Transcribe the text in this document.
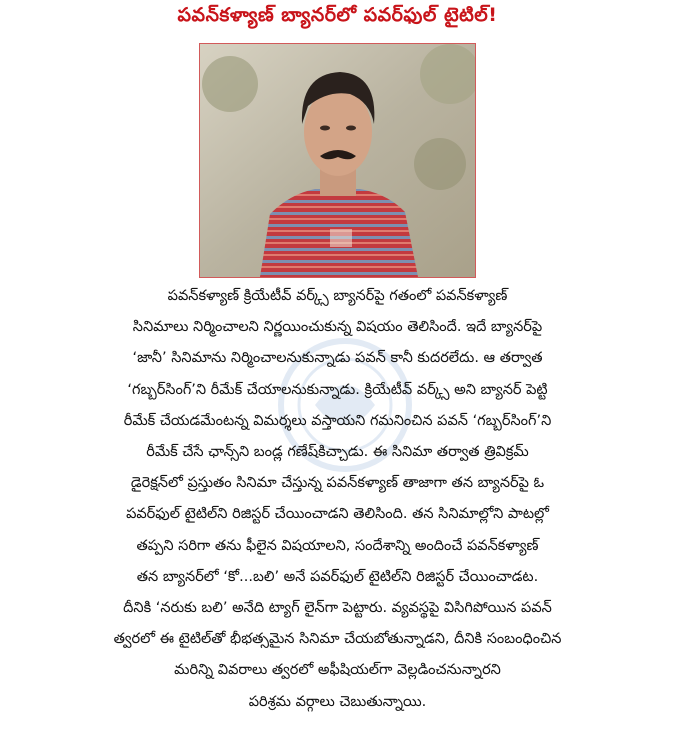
పవన్‌కళ్యాణ్ బ్యానర్‌లో పవర్‌ఫుల్ టైటిల్!
పవన్‌కళ్యాణ్ క్రియేటీవ్ వర్క్స్ బ్యానర్‌పై గతంలో పవన్‌కళ్యాణ్
సినిమాలు నిర్మించాలని నిర్ణయించుకున్న విషయం తెలిసిందే. ఇదే బ్యానర్‌పై
‘జానీ’ సినిమాను నిర్మించాలనుకున్నాడు పవన్ కానీ కుదరలేదు. ఆ తర్వాత
‘గబ్బర్‌సింగ్’ని రీమేక్ చేయాలనుకున్నాడు. క్రియేటీవ్ వర్క్స్ అని బ్యానర్ పెట్టి
రీమేక్ చేయడమేంటన్న విమర్శలు వస్తాయని గమనించిన పవన్ ‘గబ్బర్‌సింగ్’ని
రీమేక్ చేసే ఛాన్స్‌ని బండ్ల గణేష్‌కిచ్చాడు. ఈ సినిమా తర్వాత త్రివిక్రమ్
డైరెక్షన్‌లో ప్రస్తుతం సినిమా చేస్తున్న పవన్‌కళ్యాణ్ తాజాగా తన బ్యానర్‌పై ఓ
పవర్‌ఫుల్ టైటిల్‌ని రిజిస్టర్ చేయించాడని తెలిసింది. తన సినిమాల్లోని పాటల్లో
తప్పని సరిగా తను ఫీలైన విషయాలని, సందేశాన్ని అందించే పవన్‌కళ్యాణ్
తన బ్యానర్‌లో ‘కో...బలి’ అనే పవర్‌ఫుల్ టైటిల్‌ని రిజిస్టర్ చేయించాడట.
దీనికి ‘నరుకు బలి’ అనేది ట్యాగ్ లైన్‌గా పెట్టారు. వ్యవస్థపై విసిగిపోయిన పవన్
త్వరలో ఈ టైటిల్‌తో భీభత్సమైన సినిమా చేయబోతున్నాడని, దీనికి సంబంధించిన
మరిన్ని వివరాలు త్వరలో అఫీషియల్‌గా వెల్లడించనున్నారని
పరిశ్రమ వర్గాలు చెబుతున్నాయి.
